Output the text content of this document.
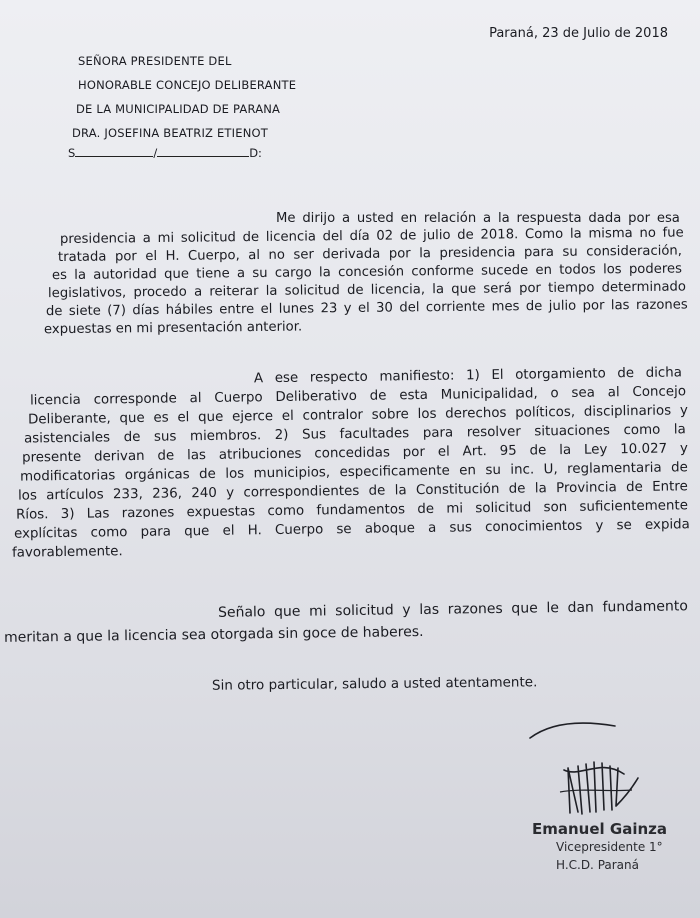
Paraná, 23 de Julio de 2018
SEÑORA PRESIDENTE DEL
HONORABLE CONCEJO DELIBERANTE
DE LA MUNICIPALIDAD DE PARANA
DRA. JOSEFINA BEATRIZ ETIENOT
S	/	D:

Me dirijo a usted en relación a la respuesta dada por esa

presidencia a mi solicitud de licencia del día 02 de julio de 2018. Como la misma no fue

tratada por el H. Cuerpo, al no ser derivada por la presidencia para su consideración,

es la autoridad que tiene a su cargo la concesión conforme sucede en todos los poderes

legislativos, procedo a reiterar la solicitud de licencia, la que será por tiempo determinado

de siete (7) días hábiles entre el lunes 23 y el 30 del corriente mes de julio por las razones

expuestas en mi presentación anterior.

A ese respecto manifiesto: 1) El otorgamiento de dicha

licencia corresponde al Cuerpo Deliberativo de esta Municipalidad, o sea al Concejo

Deliberante, que es el que ejerce el contralor sobre los derechos políticos, disciplinarios y

asistenciales de sus miembros. 2) Sus facultades para resolver situaciones como la

presente derivan de las atribuciones concedidas por el Art. 95 de la Ley 10.027 y

modificatorias orgánicas de los municipios, especificamente en su inc. U, reglamentaria de

los artículos 233, 236, 240 y correspondientes de la Constitución de la Provincia de Entre

Ríos. 3) Las razones expuestas como fundamentos de mi solicitud son suficientemente

explícitas como para que el H. Cuerpo se aboque a sus conocimientos y se expida

favorablemente.

Señalo que mi solicitud y las razones que le dan fundamento

meritan a que la licencia sea otorgada sin goce de haberes.

Sin otro particular, saludo a usted atentamente.
Emanuel Gainza
Vicepresidente 1°
H.C.D. Paraná
